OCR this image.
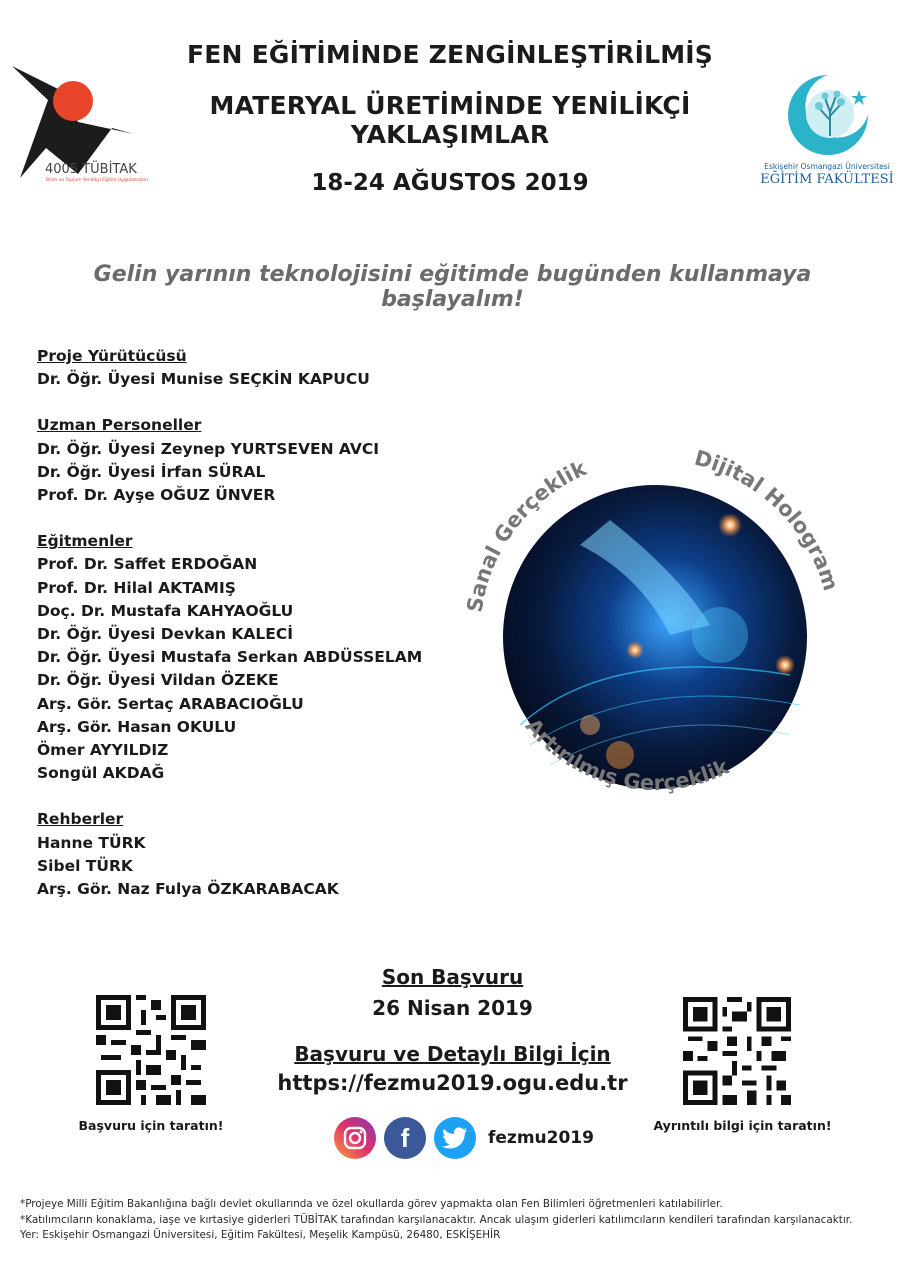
4005 TÜBİTAK
Bilim ve Toplum Yenilikçi Eğitim Uygulamaları
FEN EĞİTİMİNDE ZENGİNLEŞTİRİLMİŞ
MATERYAL ÜRETİMİNDE YENİLİKÇİ YAKLAŞIMLAR
18-24 AĞUSTOS 2019
Eskişehir Osmangazi Üniversitesi
EĞİTİM FAKÜLTESİ
Gelin yarının teknolojisini eğitimde bugünden kullanmaya başlayalım!
Proje Yürütücüsü
Dr. Öğr. Üyesi Munise SEÇKİN KAPUCU
Uzman Personeller
Dr. Öğr. Üyesi Zeynep YURTSEVEN AVCI
Dr. Öğr. Üyesi İrfan SÜRAL
Prof. Dr. Ayşe OĞUZ ÜNVER
Eğitmenler
Prof. Dr. Saffet ERDOĞAN
Prof. Dr. Hilal AKTAMIŞ
Doç. Dr. Mustafa KAHYAOĞLU
Dr. Öğr. Üyesi Devkan KALECİ
Dr. Öğr. Üyesi Mustafa Serkan ABDÜSSELAM
Dr. Öğr. Üyesi Vildan ÖZEKE
Arş. Gör. Sertaç ARABACIOĞLU
Arş. Gör. Hasan OKULU
Ömer AYYILDIZ
Songül AKDAĞ
Rehberler
Hanne TÜRK
Sibel TÜRK
Arş. Gör. Naz Fulya ÖZKARABACAK
Sanal Gerçeklik	Dijital Hologram
Artırılmış Gerçeklik
Başvuru için taratın!	Ayrıntılı bilgi için taratın!
Son Başvuru
26 Nisan 2019
Başvuru ve Detaylı Bilgi İçin
https://fezmu2019.ogu.edu.tr
f	fezmu2019
*Projeye Milli Eğitim Bakanlığına bağlı devlet okullarında ve özel okullarda görev yapmakta olan Fen Bilimleri öğretmenleri katılabilirler.
*Katılımcıların konaklama, iaşe ve kırtasiye giderleri TÜBİTAK tarafından karşılanacaktır. Ancak ulaşım giderleri katılımcıların kendileri tarafından karşılanacaktır.
Yer: Eskişehir Osmangazi Üniversitesi, Eğitim Fakültesi, Meşelik Kampüsü, 26480, ESKİŞEHİR
